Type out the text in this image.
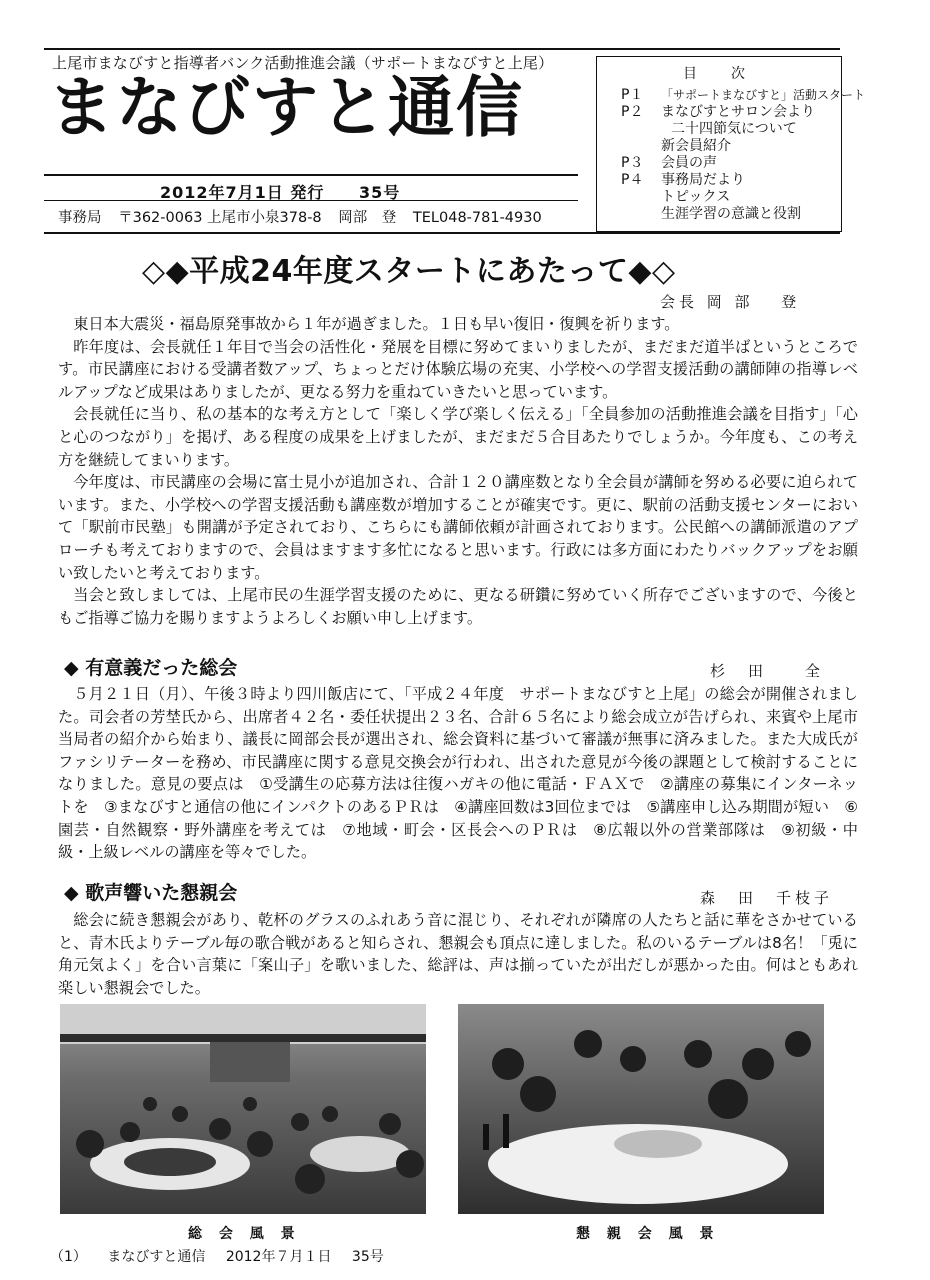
上尾市まなびすと指導者バンク活動推進会議（サポートまなびすと上尾）
まなびすと通信
2012年7月1日 発行 35号
事務局 〒362-0063 上尾市小泉378-8 岡部　登 TEL048-781-4930
目　次
P１ 「サポートまなびすと」活動スタート
P２ まなびすとサロン会より
二十四節気について
新会員紹介
P３ 会員の声
P４ 事務局だより
トピックス
生涯学習の意識と役割
◇◆平成24年度スタートにあたって◆◇
会長 岡 部　 登

東日本大震災・福島原発事故から１年が過ぎました。１日も早い復旧・復興を祈ります。

昨年度は、会長就任１年目で当会の活性化・発展を目標に努めてまいりましたが、まだまだ道半ばというところです。市民講座における受講者数アップ、ちょっとだけ体験広場の充実、小学校への学習支援活動の講師陣の指導レベルアップなど成果はありましたが、更なる努力を重ねていきたいと思っています。

会長就任に当り、私の基本的な考え方として「楽しく学び楽しく伝える」「全員参加の活動推進会議を目指す」「心と心のつながり」を掲げ、ある程度の成果を上げましたが、まだまだ５合目あたりでしょうか。今年度も、この考え方を継続してまいります。

今年度は、市民講座の会場に富士見小が追加され、合計１２０講座数となり全会員が講師を努める必要に迫られています。また、小学校への学習支援活動も講座数が増加することが確実です。更に、駅前の活動支援センターにおいて「駅前市民塾」も開講が予定されており、こちらにも講師依頼が計画されております。公民館への講師派遣のアプローチも考えておりますので、会員はますます多忙になると思います。行政には多方面にわたりバックアップをお願い致したいと考えております。

当会と致しましては、上尾市民の生涯学習支援のために、更なる研鑽に努めていく所存でございますので、今後ともご指導ご協力を賜りますようよろしくお願い申し上げます。

◆ 有意義だった総会	杉　田　　全

５月２１日（月）、午後３時より四川飯店にて、「平成２４年度　サポートまなびすと上尾」の総会が開催されました。司会者の芳埜氏から、出席者４２名・委任状提出２３名、合計６５名により総会成立が告げられ、来賓や上尾市当局者の紹介から始まり、議長に岡部会長が選出され、総会資料に基づいて審議が無事に済みました。また大成氏がファシリテーターを務め、市民講座に関する意見交換会が行われ、出された意見が今後の課題として検討することになりました。意見の要点は　①受講生の応募方法は往復ハガキの他に電話・ＦＡＸで　②講座の募集にインターネットを　③まなびすと通信の他にインパクトのあるＰＲは　④講座回数は3回位までは　⑤講座申し込み期間が短い　⑥園芸・自然観察・野外講座を考えては　⑦地域・町会・区長会へのＰＲは　⑧広報以外の営業部隊は　⑨初級・中級・上級レベルの講座を等々でした。

◆ 歌声響いた懇親会	森　田　千枝子

総会に続き懇親会があり、乾杯のグラスのふれあう音に混じり、それぞれが隣席の人たちと話に華をさかせていると、青木氏よりテーブル毎の歌合戦があると知らされ、懇親会も頂点に達しました。私のいるテーブルは8名！「兎に角元気よく」を合い言葉に「案山子」を歌いました、総評は、声は揃っていたが出だしが悪かった由。何はともあれ楽しい懇親会でした。

総 会 風 景	懇 親 会 風 景
（1） まなびすと通信 2012年７月１日 35号
